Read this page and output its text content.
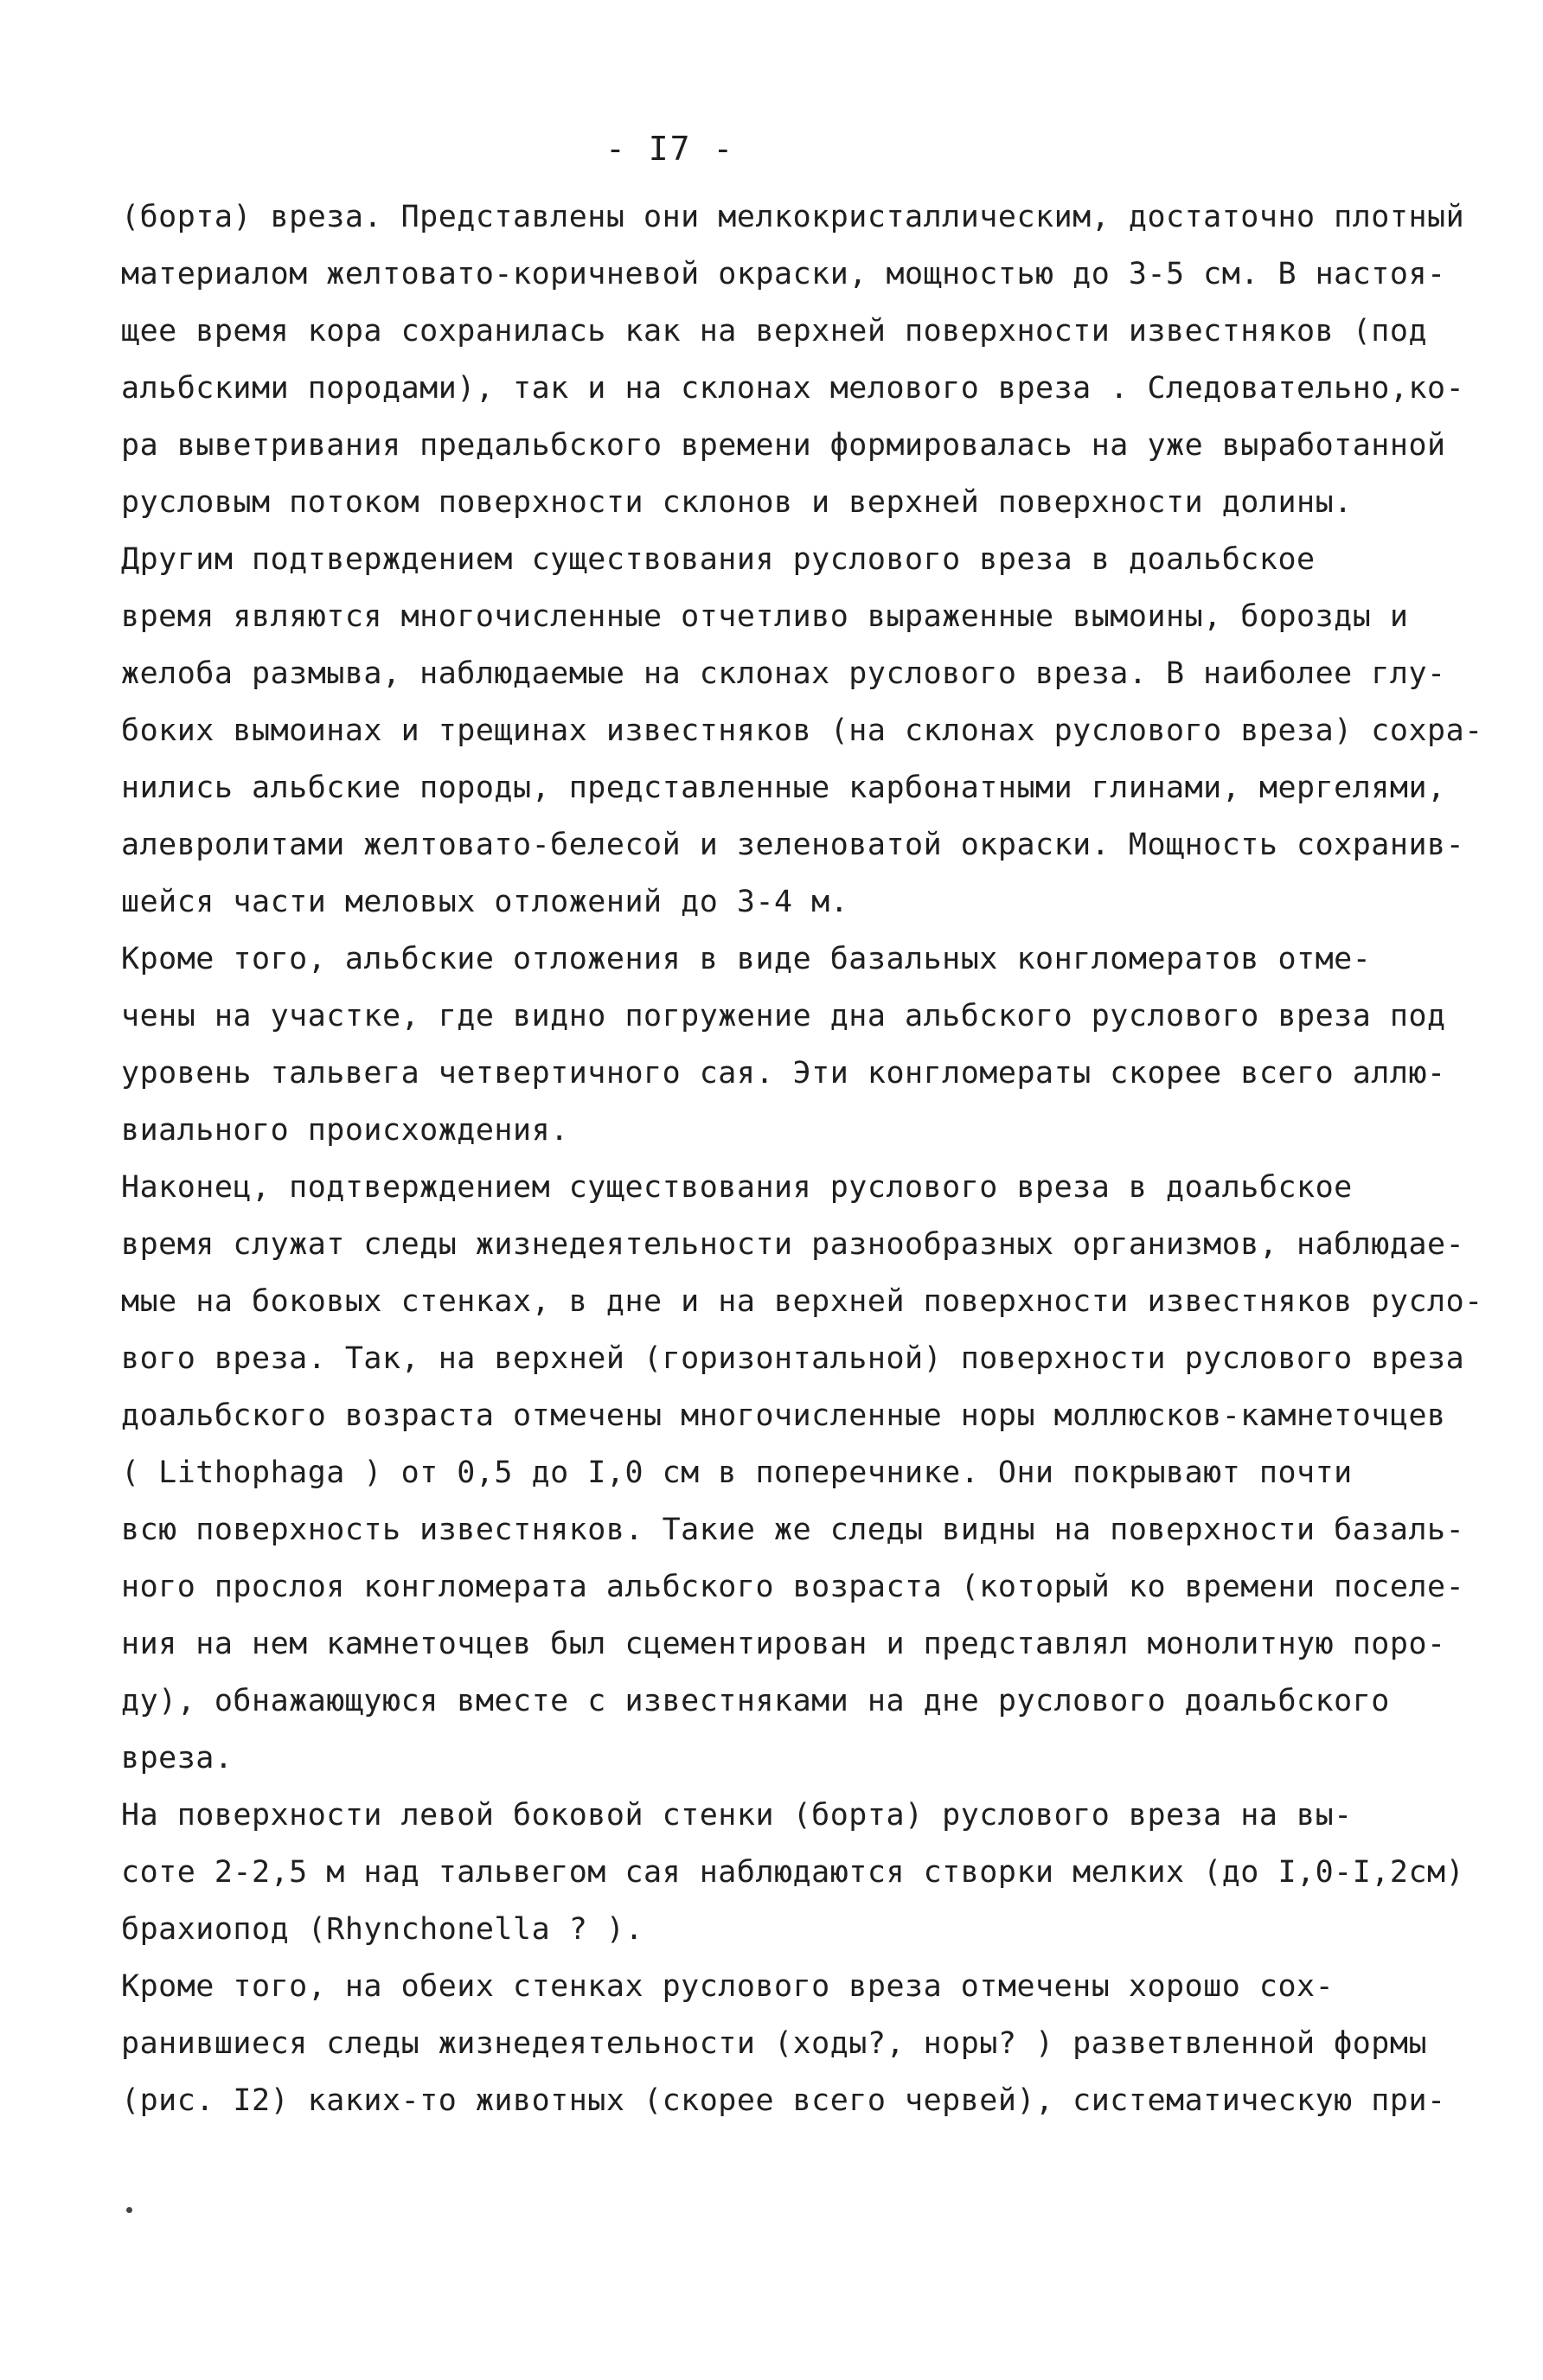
- I7 -
(борта) вреза. Представлены они мелкокристаллическим, достаточно плотный
материалом желтовато-коричневой окраски, мощностью до 3-5 см. В настоя-
щее время кора сохранилась как на верхней поверхности известняков (под
альбскими породами), так и на склонах мелового вреза . Следовательно,ко-
ра выветривания предальбского времени формировалась на уже выработанной
русловым потоком поверхности склонов и верхней поверхности долины.
Другим подтверждением существования руслового вреза в доальбское
время являются многочисленные отчетливо выраженные вымоины, борозды и
желоба размыва, наблюдаемые на склонах руслового вреза. В наиболее глу-
боких вымоинах и трещинах известняков (на склонах руслового вреза) сохра-
нились альбские породы, представленные карбонатными глинами, мергелями,
алевролитами желтовато-белесой и зеленоватой окраски. Мощность сохранив-
шейся части меловых отложений до 3-4 м.
Кроме того, альбские отложения в виде базальных конгломератов отме-
чены на участке, где видно погружение дна альбского руслового вреза под
уровень тальвега четвертичного сая. Эти конгломераты скорее всего аллю-
виального происхождения.
Наконец, подтверждением существования руслового вреза в доальбское
время служат следы жизнедеятельности разнообразных организмов, наблюдае-
мые на боковых стенках, в дне и на верхней поверхности известняков русло-
вого вреза. Так, на верхней (горизонтальной) поверхности руслового вреза
доальбского возраста отмечены многочисленные норы моллюсков-камнеточцев
( Lithophaga ) от 0,5 до I,0 см в поперечнике. Они покрывают почти
всю поверхность известняков. Такие же следы видны на поверхности базаль-
ного прослоя конгломерата альбского возраста (который ко времени поселе-
ния на нем камнеточцев был сцементирован и представлял монолитную поро-
ду), обнажающуюся вместе с известняками на дне руслового доальбского
вреза.
На поверхности левой боковой стенки (борта) руслового вреза на вы-
соте 2-2,5 м над тальвегом сая наблюдаются створки мелких (до I,0-I,2см)
брахиопод (Rhynchonella ? ).
Кроме того, на обеих стенках руслового вреза отмечены хорошо сох-
ранившиеся следы жизнедеятельности (ходы?, норы? ) разветвленной формы
(рис. I2) каких-то животных (скорее всего червей), систематическую при-
